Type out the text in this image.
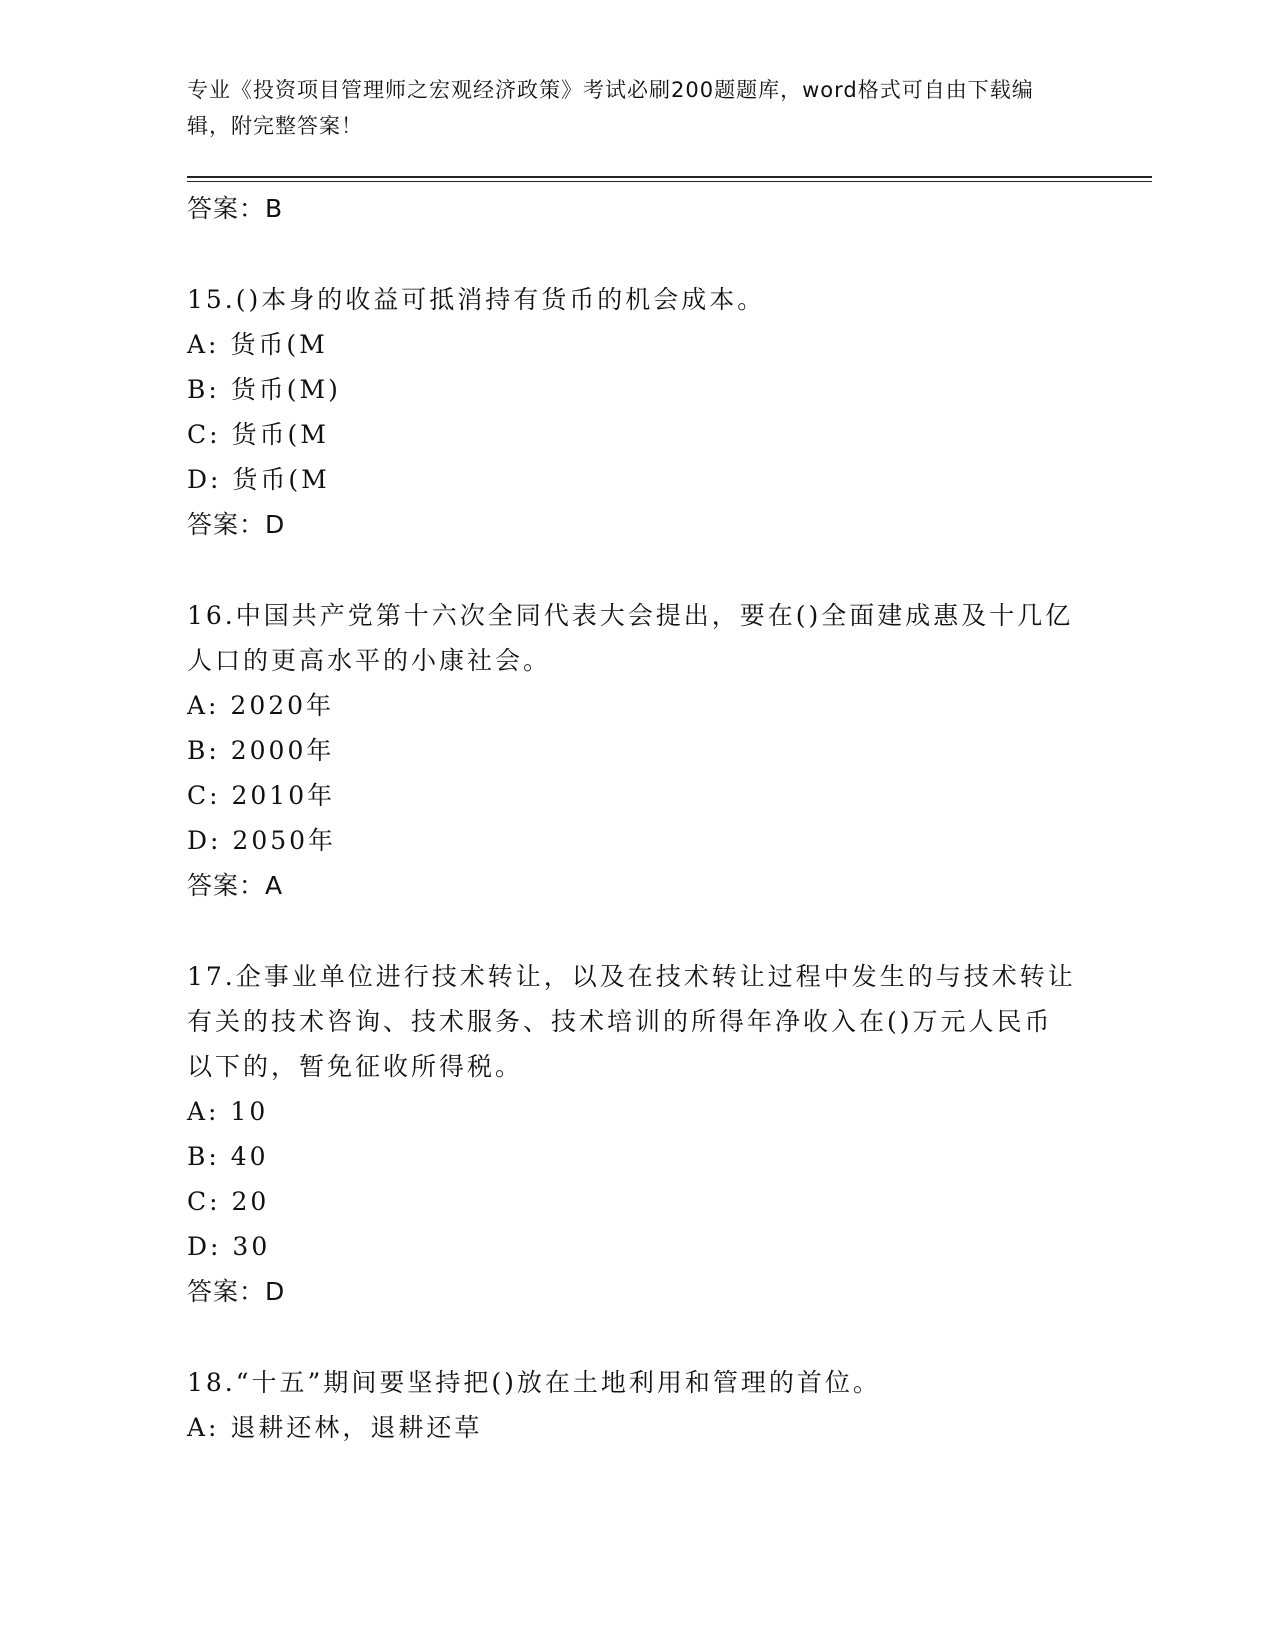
专业《投资项目管理师之宏观经济政策》考试必刷200题题库，word格式可自由下载编辑，附完整答案！
答案：B
15.()本身的收益可抵消持有货币的机会成本。
A: 货币(M
B: 货币(M)
C: 货币(M
D: 货币(M
答案：D
16.中国共产党第十六次全同代表大会提出，要在()全面建成惠及十几亿人口的更高水平的小康社会。
A: 2020年
B: 2000年
C: 2010年
D: 2050年
答案：A
17.企事业单位进行技术转让，以及在技术转让过程中发生的与技术转让有关的技术咨询、技术服务、技术培训的所得年净收入在()万元人民币以下的，暂免征收所得税。
A: 10
B: 40
C: 20
D: 30
答案：D
18.“十五”期间要坚持把()放在土地利用和管理的首位。
A: 退耕还林，退耕还草
